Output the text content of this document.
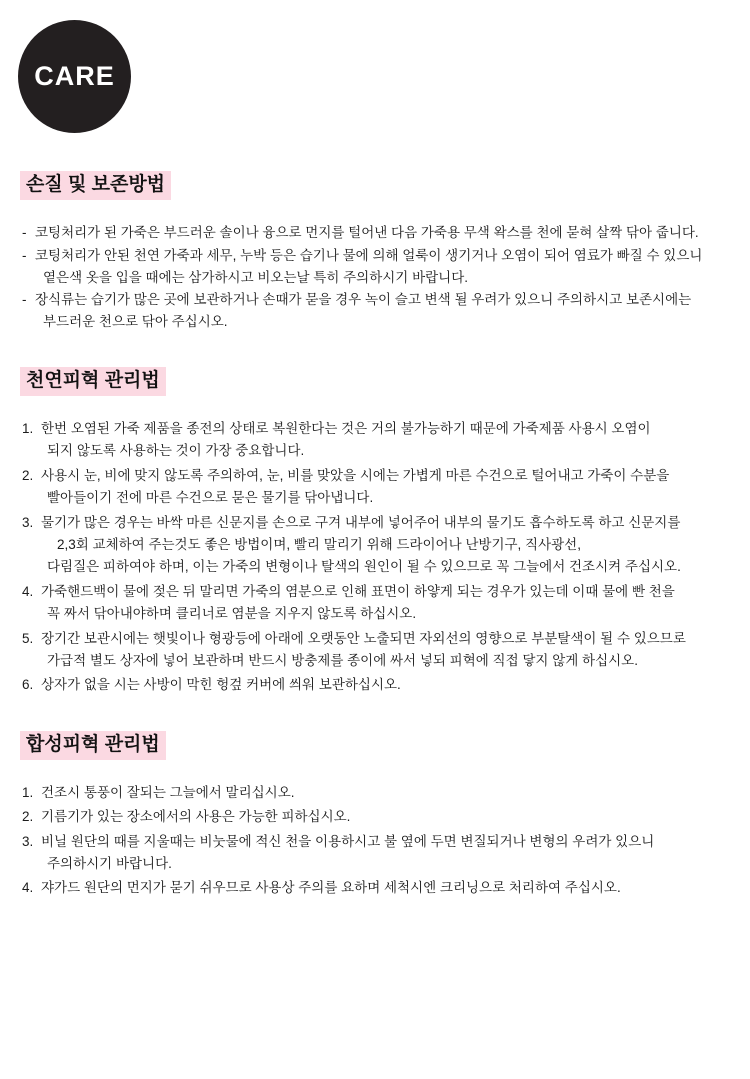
CARE
손질 및 보존방법
- 코팅처리가 된 가죽은 부드러운 솔이나 융으로 먼지를 털어낸 다음 가죽용 무색 왁스를 천에 묻혀 살짝 닦아 줍니다.
- 코팅처리가 안된 천연 가죽과 세무, 누박 등은 습기나 물에 의해 얼룩이 생기거나 오염이 되어 염료가 빠질 수 있으니
옅은색 옷을 입을 때에는 삼가하시고 비오는날 특히 주의하시기 바랍니다.
- 장식류는 습기가 많은 곳에 보관하거나 손때가 묻을 경우 녹이 슬고 변색 될 우려가 있으니 주의하시고 보존시에는
부드러운 천으로 닦아 주십시오.
천연피혁 관리법
1. 한번 오염된 가죽 제품을 종전의 상태로 복원한다는 것은 거의 불가능하기 때문에 가죽제품 사용시 오염이
되지 않도록 사용하는 것이 가장 중요합니다.
2. 사용시 눈, 비에 맞지 않도록 주의하여, 눈, 비를 맞았을 시에는 가볍게 마른 수건으로 털어내고 가죽이 수분을
빨아들이기 전에 마른 수건으로 묻은 물기를 닦아냅니다.
3. 물기가 많은 경우는 바싹 마른 신문지를 손으로 구겨 내부에 넣어주어 내부의 물기도 흡수하도록 하고 신문지를
2,3회 교체하여 주는것도 좋은 방법이며, 빨리 말리기 위해 드라이어나 난방기구, 직사광선,
다림질은 피하여야 하며, 이는 가죽의 변형이나 탈색의 원인이 될 수 있으므로 꼭 그늘에서 건조시켜 주십시오.
4. 가죽핸드백이 물에 젖은 뒤 말리면 가죽의 염분으로 인해 표면이 하얗게 되는 경우가 있는데 이때 물에 빤 천을
꼭 짜서 닦아내야하며 클리너로 염분을 지우지 않도록 하십시오.
5. 장기간 보관시에는 햇빛이나 형광등에 아래에 오랫동안 노출되면 자외선의 영향으로 부분탈색이 될 수 있으므로
가급적 별도 상자에 넣어 보관하며 반드시 방충제를 종이에 싸서 넣되 피혁에 직접 닿지 않게 하십시오.
6. 상자가 없을 시는 사방이 막힌 헝겊 커버에 씌워 보관하십시오.
합성피혁 관리법
1. 건조시 통풍이 잘되는 그늘에서 말리십시오.
2. 기름기가 있는 장소에서의 사용은 가능한 피하십시오.
3. 비닐 원단의 때를 지울때는 비눗물에 적신 천을 이용하시고 불 옆에 두면 변질되거나 변형의 우려가 있으니
주의하시기 바랍니다.
4. 쟈가드 원단의 먼지가 묻기 쉬우므로 사용상 주의를 요하며 세척시엔 크리닝으로 처리하여 주십시오.
